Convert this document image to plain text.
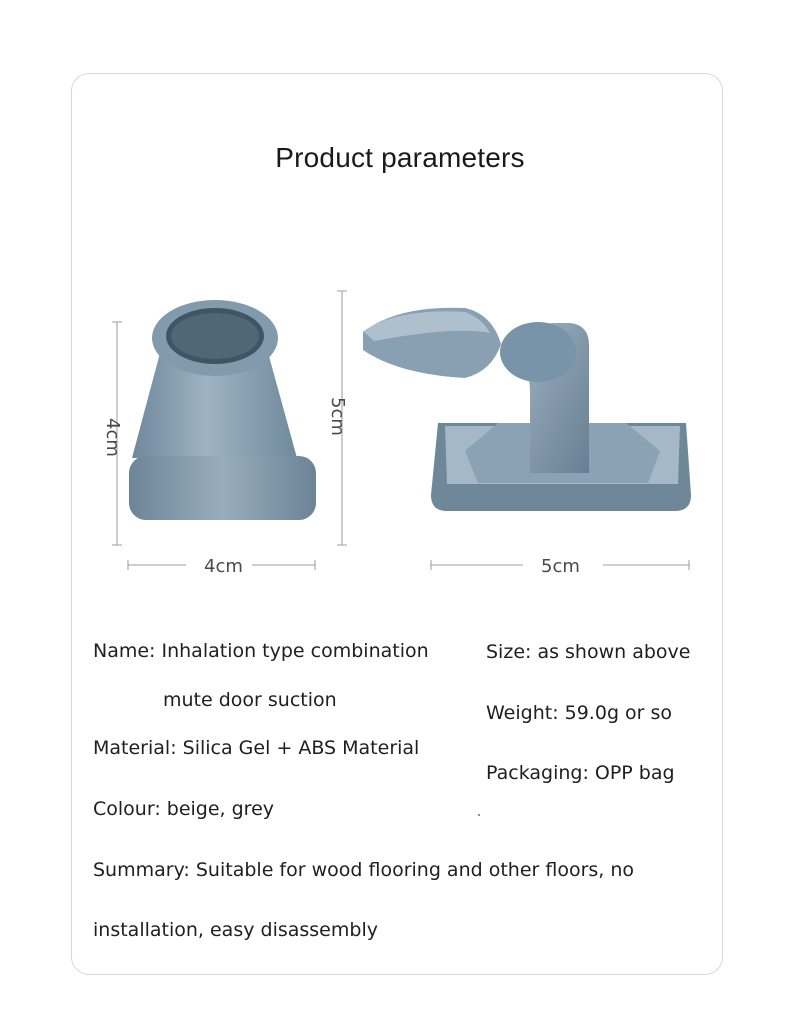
Product parameters
4cm
4cm
5cm
5cm
Name: Inhalation type combination
mute door suction
Material: Silica Gel + ABS Material
Colour: beige, grey
Size: as shown above
Weight: 59.0g or so
Packaging: OPP bag
Summary: Suitable for wood flooring and other floors, no
installation, easy disassembly
